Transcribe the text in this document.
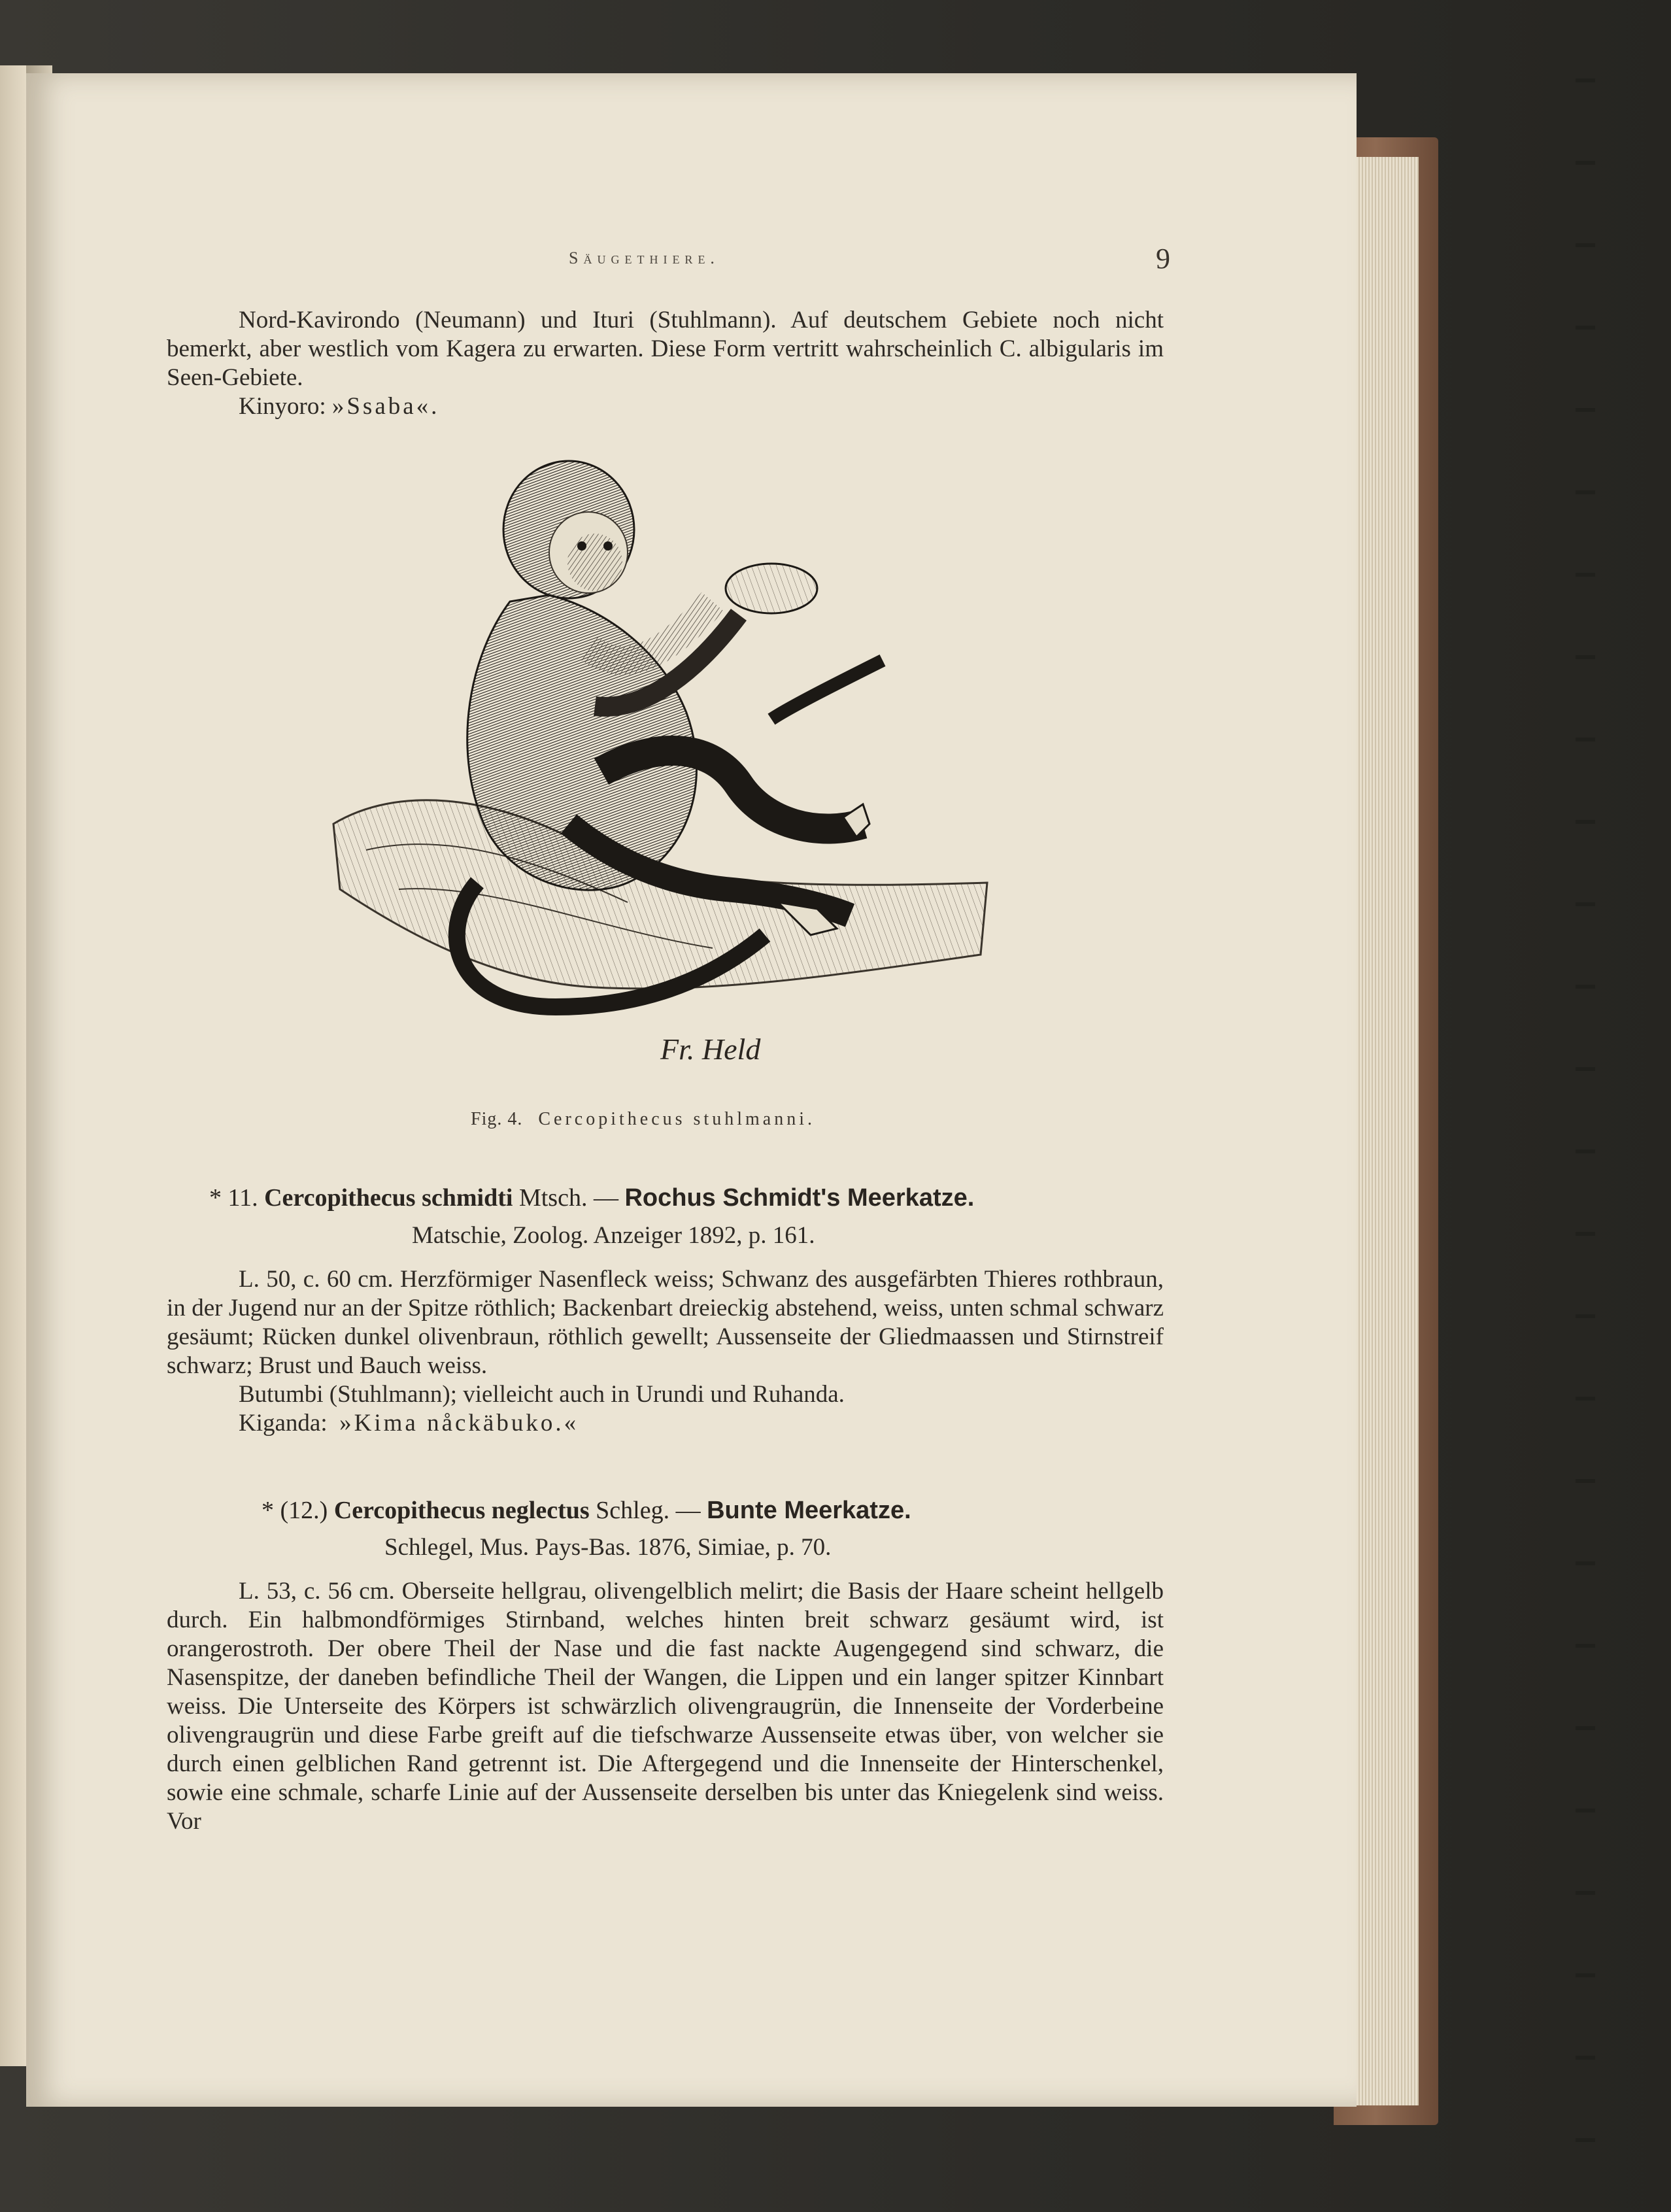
Säugethiere.	9

Nord-Kavirondo (Neumann) und Ituri (Stuhlmann). Auf deutschem Gebiete noch nicht bemerkt, aber westlich vom Kagera zu erwarten. Diese Form vertritt wahrscheinlich C. albigularis im Seen-Gebiete.

Kinyoro: »Ssaba«.

Fr. Held
Fig. 4. Cercopithecus stuhlmanni.
* 11. Cercopithecus schmidti Mtsch. — Rochus Schmidt's Meerkatze.
Matschie, Zoolog. Anzeiger 1892, p. 161.

L. 50, c. 60 cm. Herzförmiger Nasenfleck weiss; Schwanz des ausgefärbten Thieres rothbraun, in der Jugend nur an der Spitze röthlich; Backenbart dreieckig abstehend, weiss, unten schmal schwarz gesäumt; Rücken dunkel olivenbraun, röthlich gewellt; Aussenseite der Gliedmaassen und Stirnstreif schwarz; Brust und Bauch weiss.

Butumbi (Stuhlmann); vielleicht auch in Urundi und Ruhanda.

Kiganda: »Kima nåckäbuko.«

* (12.) Cercopithecus neglectus Schleg. — Bunte Meerkatze.
Schlegel, Mus. Pays-Bas. 1876, Simiae, p. 70.

L. 53, c. 56 cm. Oberseite hellgrau, olivengelblich melirt; die Basis der Haare scheint hellgelb durch. Ein halbmondförmiges Stirnband, welches hinten breit schwarz gesäumt wird, ist orangerostroth. Der obere Theil der Nase und die fast nackte Augengegend sind schwarz, die Nasenspitze, der daneben befindliche Theil der Wangen, die Lippen und ein langer spitzer Kinnbart weiss. Die Unterseite des Körpers ist schwärzlich olivengraugrün, die Innenseite der Vorderbeine olivengraugrün und diese Farbe greift auf die tiefschwarze Aussenseite etwas über, von welcher sie durch einen gelblichen Rand getrennt ist. Die Aftergegend und die Innenseite der Hinterschenkel, sowie eine schmale, scharfe Linie auf der Aussenseite derselben bis unter das Kniegelenk sind weiss. Vor
